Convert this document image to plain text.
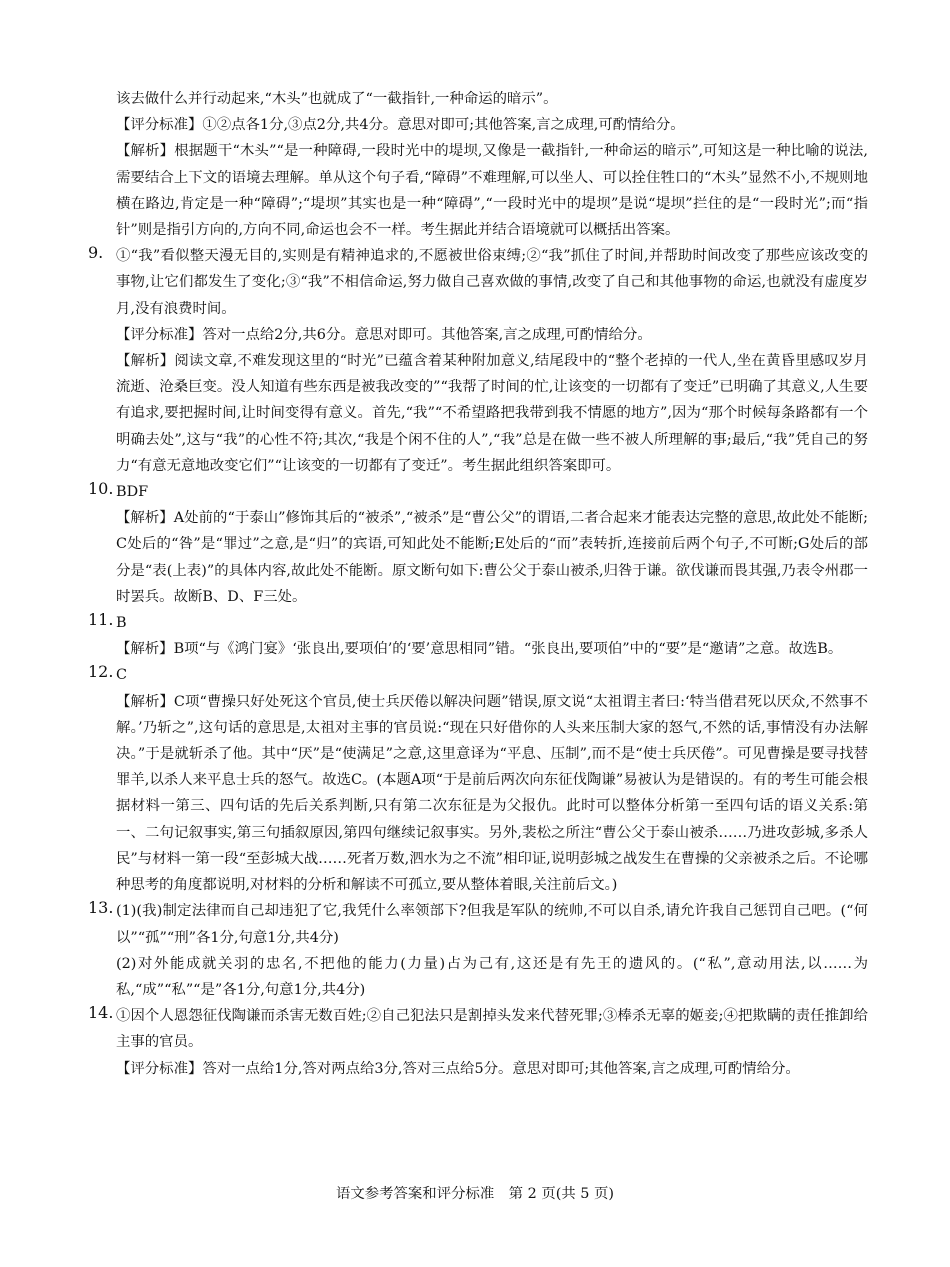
该去做什么并行动起来,“木头”也就成了“一截指针,一种命运的暗示”。

【评分标准】①②点各1分,③点2分,共4分。意思对即可;其他答案,言之成理,可酌情给分。

【解析】根据题干“木头”“是一种障碍,一段时光中的堤坝,又像是一截指针,一种命运的暗示”,可知这是一种比喻的说法,需要结合上下文的语境去理解。单从这个句子看,“障碍”不难理解,可以坐人、可以拴住牲口的“木头”显然不小,不规则地横在路边,肯定是一种“障碍”;“堤坝”其实也是一种“障碍”,“一段时光中的堤坝”是说“堤坝”拦住的是“一段时光”;而“指针”则是指引方向的,方向不同,命运也会不一样。考生据此并结合语境就可以概括出答案。

9. ①“我”看似整天漫无目的,实则是有精神追求的,不愿被世俗束缚;②“我”抓住了时间,并帮助时间改变了那些应该改变的事物,让它们都发生了变化;③“我”不相信命运,努力做自己喜欢做的事情,改变了自己和其他事物的命运,也就没有虚度岁月,没有浪费时间。

【评分标准】答对一点给2分,共6分。意思对即可。其他答案,言之成理,可酌情给分。

【解析】阅读文章,不难发现这里的“时光”已蕴含着某种附加意义,结尾段中的“整个老掉的一代人,坐在黄昏里感叹岁月流逝、沧桑巨变。没人知道有些东西是被我改变的”“我帮了时间的忙,让该变的一切都有了变迁”已明确了其意义,人生要有追求,要把握时间,让时间变得有意义。首先,“我”“不希望路把我带到我不情愿的地方”,因为“那个时候每条路都有一个明确去处”,这与“我”的心性不符;其次,“我是个闲不住的人”,“我”总是在做一些不被人所理解的事;最后,“我”凭自己的努力“有意无意地改变它们”“让该变的一切都有了变迁”。考生据此组织答案即可。

10. BDF

【解析】A处前的“于泰山”修饰其后的“被杀”,“被杀”是“曹公父”的谓语,二者合起来才能表达完整的意思,故此处不能断;C处后的“咎”是“罪过”之意,是“归”的宾语,可知此处不能断;E处后的“而”表转折,连接前后两个句子,不可断;G处后的部分是“表(上表)”的具体内容,故此处不能断。原文断句如下:曹公父于泰山被杀,归咎于谦。欲伐谦而畏其强,乃表令州郡一时罢兵。故断B、D、F三处。

11. B

【解析】B项“与《鸿门宴》‘张良出,要项伯’的‘要’意思相同”错。“张良出,要项伯”中的“要”是“邀请”之意。故选B。

12. C

【解析】C项“曹操只好处死这个官员,使士兵厌倦以解决问题”错误,原文说“太祖谓主者曰:‘特当借君死以厌众,不然事不解。’乃斩之”,这句话的意思是,太祖对主事的官员说:“现在只好借你的人头来压制大家的怒气,不然的话,事情没有办法解决。”于是就斩杀了他。其中“厌”是“使满足”之意,这里意译为“平息、压制”,而不是“使士兵厌倦”。可见曹操是要寻找替罪羊,以杀人来平息士兵的怒气。故选C。(本题A项“于是前后两次向东征伐陶谦”易被认为是错误的。有的考生可能会根据材料一第三、四句话的先后关系判断,只有第二次东征是为父报仇。此时可以整体分析第一至四句话的语义关系:第一、二句记叙事实,第三句插叙原因,第四句继续记叙事实。另外,裴松之所注“曹公父于泰山被杀……乃进攻彭城,多杀人民”与材料一第一段“至彭城大战……死者万数,泗水为之不流”相印证,说明彭城之战发生在曹操的父亲被杀之后。不论哪种思考的角度都说明,对材料的分析和解读不可孤立,要从整体着眼,关注前后文。)

13. (1)(我)制定法律而自己却违犯了它,我凭什么率领部下?但我是军队的统帅,不可以自杀,请允许我自己惩罚自己吧。(“何以”“孤”“刑”各1分,句意1分,共4分)

(2)对外能成就关羽的忠名,不把他的能力(力量)占为己有,这还是有先王的遗风的。(“私”,意动用法,以……为私,“成”“私”“是”各1分,句意1分,共4分)

14. ①因个人恩怨征伐陶谦而杀害无数百姓;②自己犯法只是割掉头发来代替死罪;③棒杀无辜的姬妾;④把欺瞒的责任推卸给主事的官员。

【评分标准】答对一点给1分,答对两点给3分,答对三点给5分。意思对即可;其他答案,言之成理,可酌情给分。

语文参考答案和评分标准　第 2 页(共 5 页)
